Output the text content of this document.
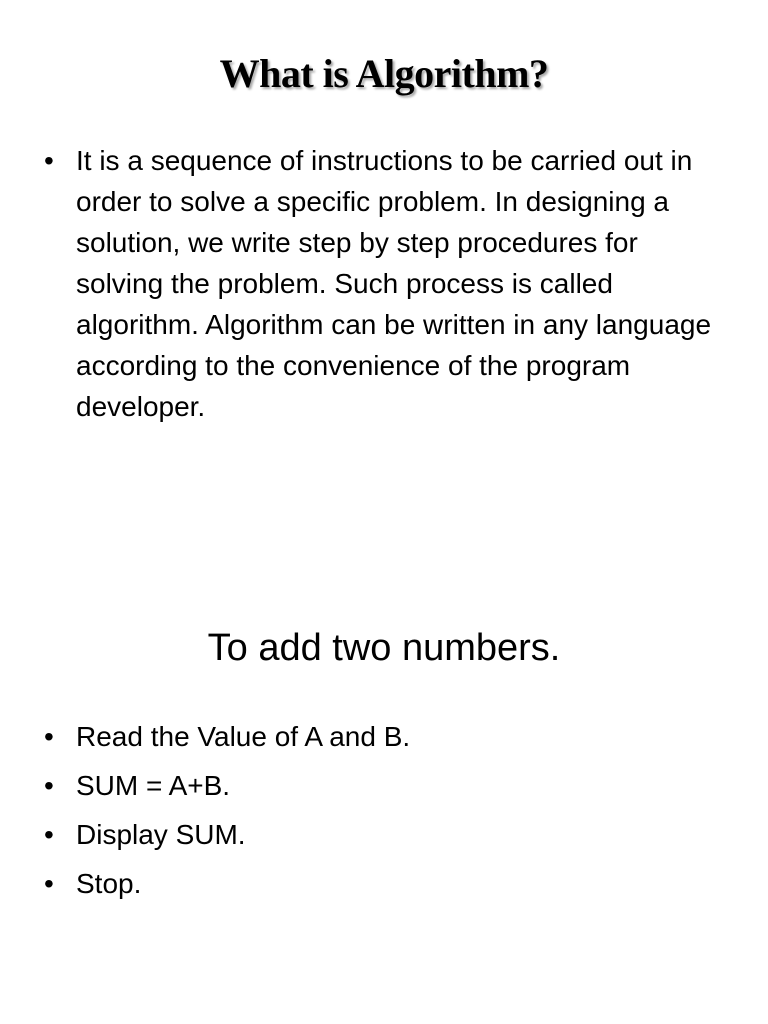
What is Algorithm?
• It is a sequence of instructions to be carried out in order to solve a specific problem. In designing a solution, we write step by step procedures for solving the problem. Such process is called algorithm. Algorithm can be written in any language according to the convenience of the program developer.
To add two numbers.
• Read the Value of A and B.
• SUM = A+B.
• Display SUM.
• Stop.
